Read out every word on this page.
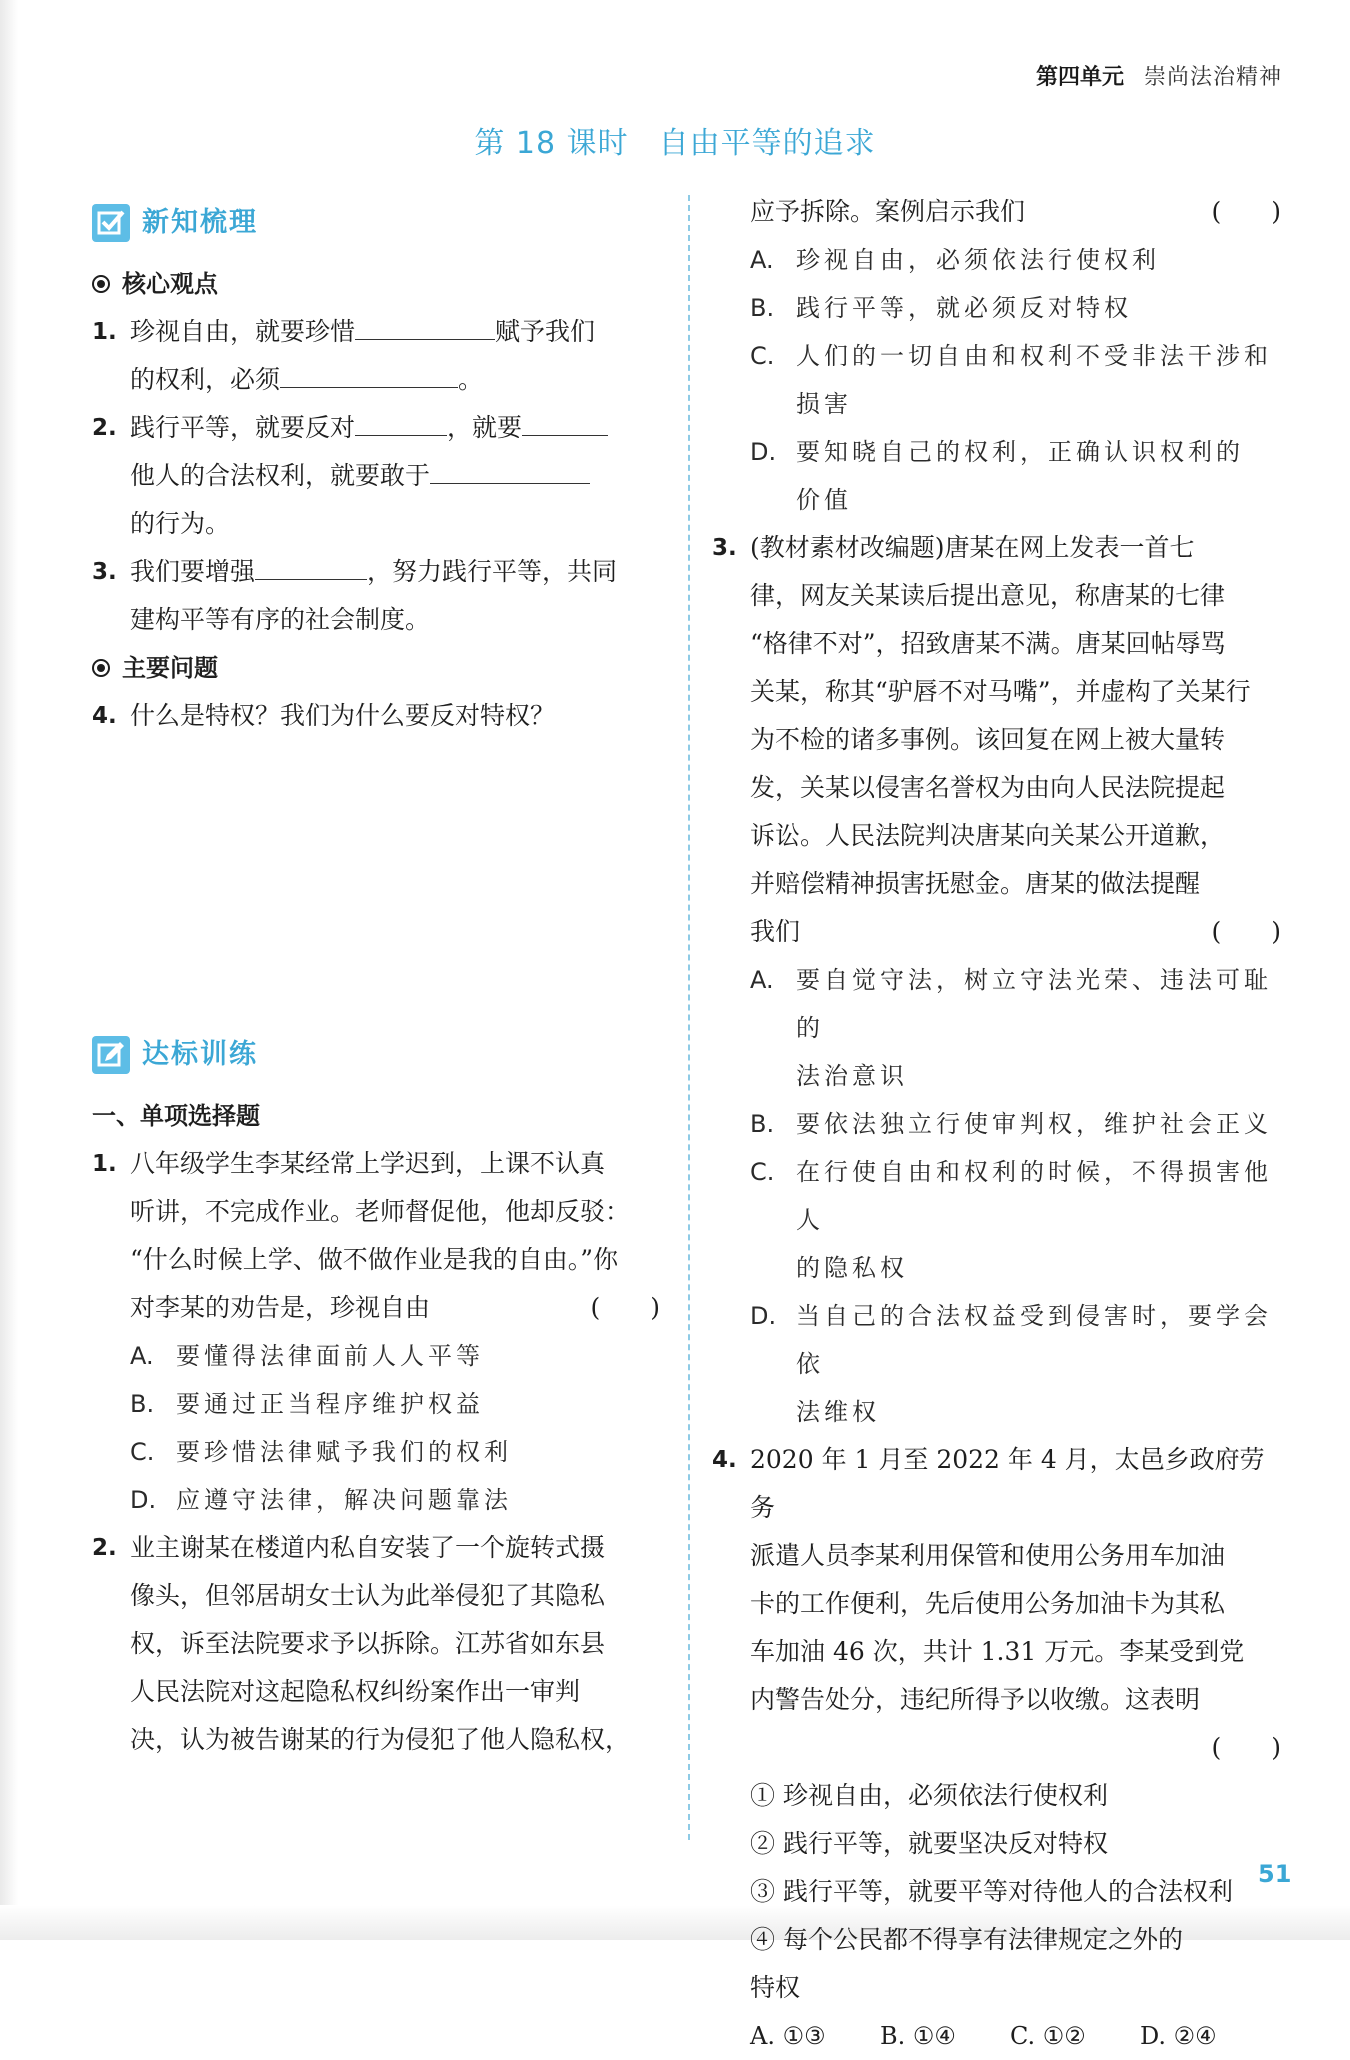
第四单元 崇尚法治精神
第 18 课时 自由平等的追求
新知梳理
核心观点
1. 珍视自由，就要珍惜	赋予我们
的权利，必须	。
2. 践行平等，就要反对	，就要
他人的合法权利，就要敢于
的行为。
3. 我们要增强	，努力践行平等，共同
建构平等有序的社会制度。
主要问题
4. 什么是特权？我们为什么要反对特权？
达标训练
一、单项选择题
1. 八年级学生李某经常上学迟到，上课不认真
听讲，不完成作业。老师督促他，他却反驳：
“什么时候上学、做不做作业是我的自由。”你
对李某的劝告是，珍视自由	(　　)
A. 要懂得法律面前人人平等
B. 要通过正当程序维护权益
C. 要珍惜法律赋予我们的权利
D. 应遵守法律，解决问题靠法
2. 业主谢某在楼道内私自安装了一个旋转式摄
像头，但邻居胡女士认为此举侵犯了其隐私
权，诉至法院要求予以拆除。江苏省如东县
人民法院对这起隐私权纠纷案作出一审判
决，认为被告谢某的行为侵犯了他人隐私权，
应予拆除。案例启示我们	(　　)
A. 珍视自由，必须依法行使权利
B. 践行平等，就必须反对特权
C. 人们的一切自由和权利不受非法干涉和
损害
D. 要知晓自己的权利，正确认识权利的
价值
3. (教材素材改编题)唐某在网上发表一首七
律，网友关某读后提出意见，称唐某的七律
“格律不对”，招致唐某不满。唐某回帖辱骂
关某，称其“驴唇不对马嘴”，并虚构了关某行
为不检的诸多事例。该回复在网上被大量转
发，关某以侵害名誉权为由向人民法院提起
诉讼。人民法院判决唐某向关某公开道歉，
并赔偿精神损害抚慰金。唐某的做法提醒
我们	(　　)
A. 要自觉守法，树立守法光荣、违法可耻的
法治意识
B. 要依法独立行使审判权，维护社会正义
C. 在行使自由和权利的时候，不得损害他人
的隐私权
D. 当自己的合法权益受到侵害时，要学会依
法维权
4. 2020 年 1 月至 2022 年 4 月，太邑乡政府劳务
派遣人员李某利用保管和使用公务用车加油
卡的工作便利，先后使用公务加油卡为其私
车加油 46 次，共计 1.31 万元。李某受到党
内警告处分，违纪所得予以收缴。这表明
(　　)

① 珍视自由，必须依法行使权利
② 践行平等，就要坚决反对特权
③ 践行平等，就要平等对待他人的合法权利
④ 每个公民都不得享有法律规定之外的
特权
A. ①③	B. ①④	C. ①②	D. ②④
51
